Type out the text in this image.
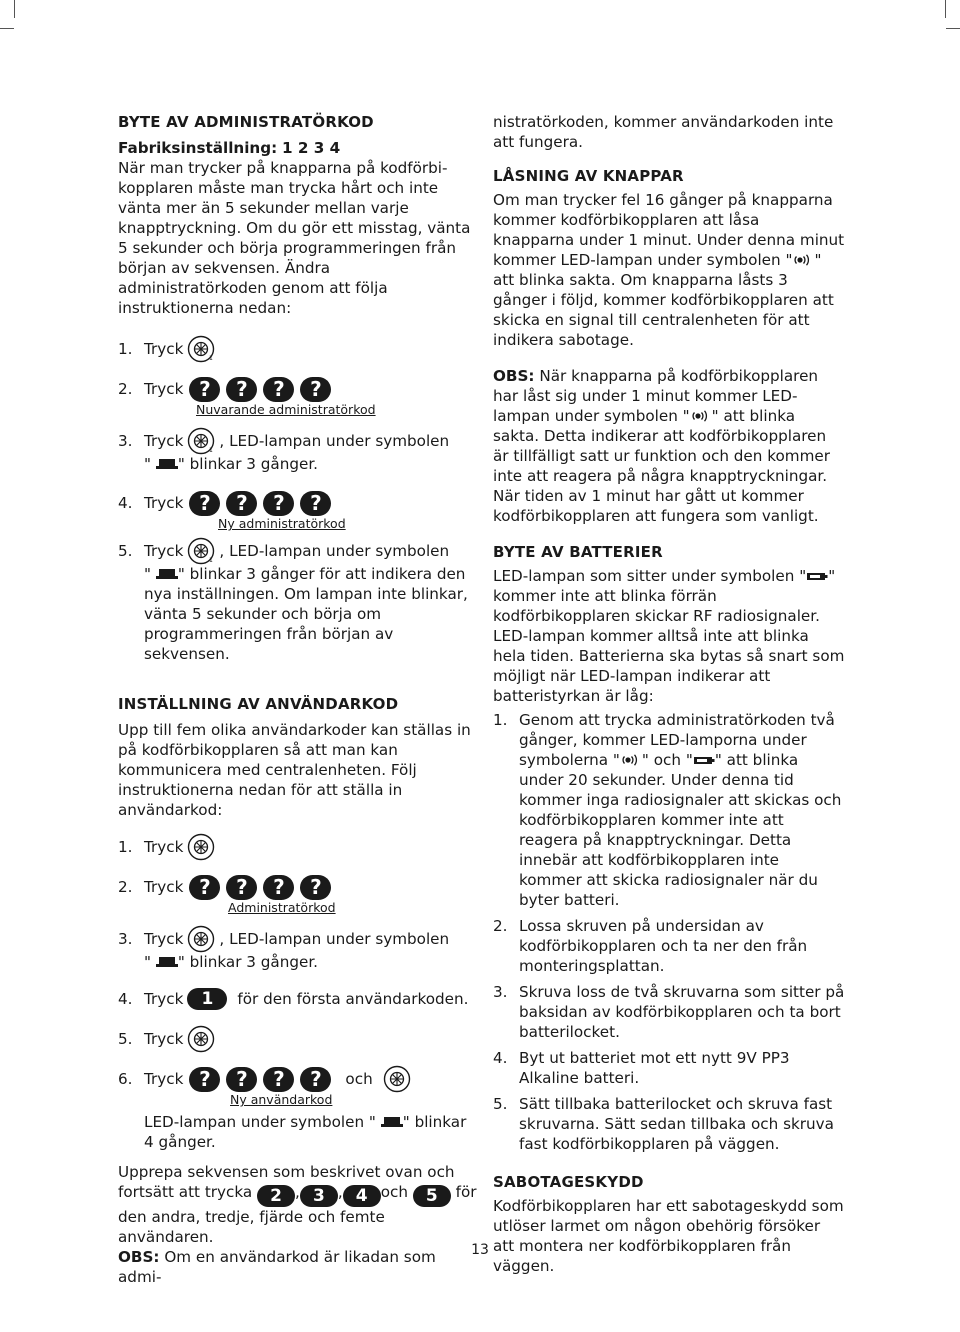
BYTE AV ADMINISTRATÖRKOD

Fabriksinställning: 1 2 3 4

När man trycker på knapparna på kodförbi-kopplaren måste man trycka hårt och inte vänta mer än 5 sekunder mellan varje knapptryckning. Om du gör ett misstag, vänta 5 sekunder och börja programmeringen från början av sekvensen. Ändra administratörkoden genom att följa instruktionerna nedan:

1. Tryck
1
2. Tryck ?	?	?	?
Nuvarande administratörkod
3. Tryck
1
, LED-lampan under symbolen

" " blinkar 3 gånger.

4. Tryck ?	?	?	?
Ny administratörkod
5. Tryck
1
, LED-lampan under symbolen

" " blinkar 3 gånger för att indikera den nya inställningen. Om lampan inte blinkar, vänta 5 sekunder och börja om programmeringen från början av sekvensen.

INSTÄLLNING AV ANVÄNDARKOD

Upp till fem olika användarkoder kan ställas in på kodförbikopplaren så att man kan kommunicera med centralenheten. Följ instruktionerna nedan för att ställa in användarkod:

1. Tryck
2. Tryck ?	?	?	?
Administratörkod
3. Tryck , LED-lampan under symbolen

" " blinkar 3 gånger.

4. Tryck	1	för den första användarkoden.
5. Tryck
6. Tryck ?	?	?	?	och
Ny användarkod

LED-lampan under symbolen " " blinkar 4 gånger.

Upprepa sekvensen som beskrivet ovan och fortsätt att trycka 2 , 3 , 4 och 5 för den andra, tredje, fjärde och femte användaren.

OBS: Om en användarkod är likadan som admi-

nistratörkoden, kommer användarkoden inte att fungera.

LÅSNING AV KNAPPAR

Om man trycker fel 16 gånger på knapparna kommer kodförbikopplaren att låsa knapparna under 1 minut. Under denna minut kommer LED-lampan under symbolen " " att blinka sakta. Om knapparna låsts 3 gånger i följd, kommer kodförbikopplaren att skicka en signal till centralenheten för att indikera sabotage.

OBS: När knapparna på kodförbikopplaren har låst sig under 1 minut kommer LED-lampan under symbolen " " att blinka sakta. Detta indikerar att kodförbikopplaren är tillfälligt satt ur funktion och den kommer inte att reagera på några knapptryckningar. När tiden av 1 minut har gått ut kommer kodförbikopplaren att fungera som vanligt.

BYTE AV BATTERIER

LED-lampan som sitter under symbolen " " kommer inte att blinka förrän kodförbikopplaren skickar RF radiosignaler. LED-lampan kommer alltså inte att blinka hela tiden. Batterierna ska bytas så snart som möjligt när LED-lampan indikerar att batteristyrkan är låg:

1. Genom att trycka administratörkoden två gånger, kommer LED-lamporna under symbolerna " " och " " att blinka under 20 sekunder. Under denna tid kommer inga radiosignaler att skickas och kodförbikopplaren kommer inte att reagera på knapptryckningar. Detta innebär att kodförbikopplaren inte kommer att skicka radiosignaler när du byter batteri.
2. Lossa skruven på undersidan av kodförbikopplaren och ta ner den från monteringsplattan.
3. Skruva loss de två skruvarna som sitter på baksidan av kodförbikopplaren och ta bort batterilocket.
4. Byt ut batteriet mot ett nytt 9V PP3 Alkaline batteri.
5. Sätt tillbaka batterilocket och skruva fast skruvarna. Sätt sedan tillbaka och skruva fast kodförbikopplaren på väggen.
SABOTAGESKYDD

Kodförbikopplaren har ett sabotageskydd som utlöser larmet om någon obehörig försöker att montera ner kodförbikopplaren från väggen.

13
